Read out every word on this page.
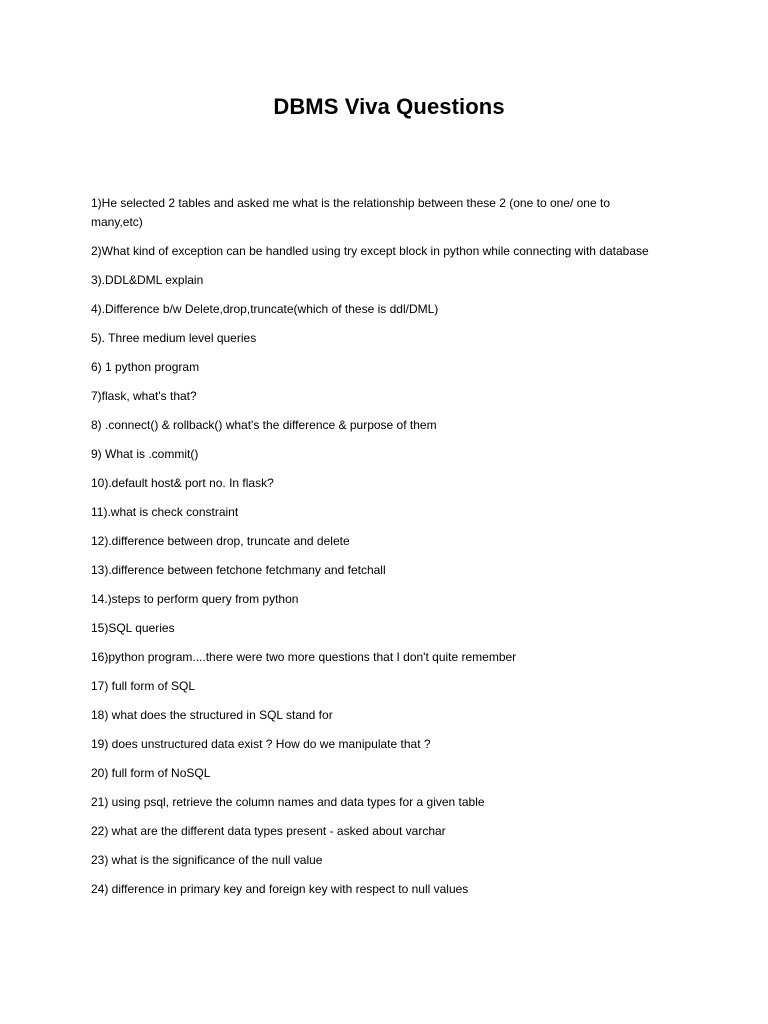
DBMS Viva Questions
1)He selected 2 tables and asked me what is the relationship between these 2 (one to one/ one to many,etc)
2)What kind of exception can be handled using try except block in python while connecting with database
3).DDL&DML explain
4).Difference b/w Delete,drop,truncate(which of these is ddl/DML)
5). Three medium level queries
6) 1 python program
7)flask, what's that?
8) .connect() & rollback() what's the difference & purpose of them
9) What is .commit()
10).default host& port no. In flask?
11).what is check constraint
12).difference between drop, truncate and delete
13).difference between fetchone fetchmany and fetchall
14.)steps to perform query from python
15)SQL queries
16)python program....there were two more questions that I don't quite remember
17) full form of SQL
18) what does the structured in SQL stand for
19) does unstructured data exist ? How do we manipulate that ?
20) full form of NoSQL
21) using psql, retrieve the column names and data types for a given table
22) what are the different data types present - asked about varchar
23) what is the significance of the null value
24) difference in primary key and foreign key with respect to null values
